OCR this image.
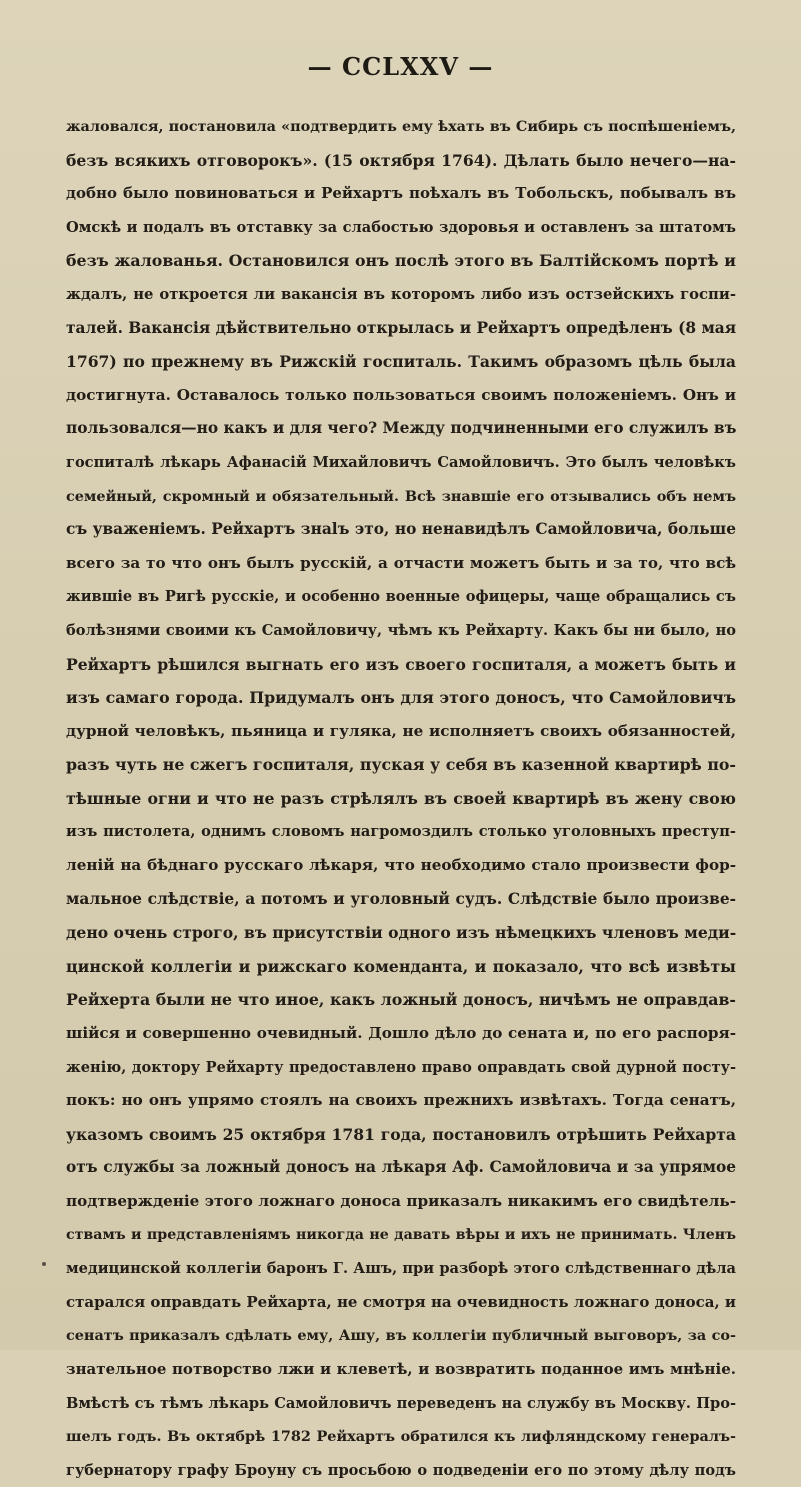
— CCLXXV —
жаловался, постановила «подтвердить ему ѣхать въ Сибирь съ поспѣшеніемъ,
безъ всякихъ отговорокъ». (15 октября 1764). Дѣлать было нечего—на-
добно было повиноваться и Рейхартъ поѣхалъ въ Тобольскъ, побывалъ въ
Омскѣ и подалъ въ отставку за слабостью здоровья и оставленъ за штатомъ
безъ жалованья. Остановился онъ послѣ этого въ Балтійскомъ портѣ и
ждалъ, не откроется ли вакансія въ которомъ либо изъ остзейскихъ госпи-
талей. Вакансія дѣйствительно открылась и Рейхартъ опредѣленъ (8 мая
1767) по прежнему въ Рижскій госпиталь. Такимъ образомъ цѣль была
достигнута. Оставалось только пользоваться своимъ положеніемъ. Онъ и
пользовался—но какъ и для чего? Между подчиненными его служилъ въ
госпиталѣ лѣкарь Афанасій Михайловичъ Самойловичъ. Это былъ человѣкъ
семейный, скромный и обязательный. Всѣ знавшіе его отзывались объ немъ
съ уваженіемъ. Рейхартъ знalъ это, но ненавидѣлъ Самойловича, больше
всего за то что онъ былъ русскій, а отчасти можетъ быть и за то, что всѣ
жившіе въ Ригѣ русскіе, и особенно военные офицеры, чаще обращались съ
болѣзнями своими къ Самойловичу, чѣмъ къ Рейхарту. Какъ бы ни было, но
Рейхартъ рѣшился выгнать его изъ своего госпиталя, а можетъ быть и
изъ самаго города. Придумалъ онъ для этого доносъ, что Самойловичъ
дурной человѣкъ, пьяница и гуляка, не исполняетъ своихъ обязанностей,
разъ чуть не сжегъ госпиталя, пуская у себя въ казенной квартирѣ по-
тѣшные огни и что не разъ стрѣлялъ въ своей квартирѣ въ жену свою
изъ пистолета, однимъ словомъ нагромоздилъ столько уголовныхъ преступ-
леній на бѣднаго русскаго лѣкаря, что необходимо стало произвести фор-
мальное слѣдствіе, а потомъ и уголовный судъ. Слѣдствіе было произве-
дено очень строго, въ присутствіи одного изъ нѣмецкихъ членовъ меди-
цинской коллегіи и рижскаго коменданта, и показало, что всѣ извѣты
Рейхерта были не что иное, какъ ложный доносъ, ничѣмъ не оправдав-
шійся и совершенно очевидный. Дошло дѣло до сената и, по его распоря-
женію, доктору Рейхарту предоставлено право оправдать свой дурной посту-
покъ: но онъ упрямо стоялъ на своихъ прежнихъ извѣтахъ. Тогда сенатъ,
указомъ своимъ 25 октября 1781 года, постановилъ отрѣшить Рейхарта
отъ службы за ложный доносъ на лѣкаря Аф. Самойловича и за упрямое
подтвержденіе этого ложнаго доноса приказалъ никакимъ его свидѣтель-
ствамъ и представленіямъ никогда не давать вѣры и ихъ не принимать. Членъ
медицинской коллегіи баронъ Г. Ашъ, при разборѣ этого слѣдственнаго дѣла
старался оправдать Рейхарта, не смотря на очевидность ложнаго доноса, и
сенатъ приказалъ сдѣлать ему, Ашу, въ коллегіи публичный выговоръ, за со-
знательное потворство лжи и клеветѣ, и возвратить поданное имъ мнѣніе.
Вмѣстѣ съ тѣмъ лѣкарь Самойловичъ переведенъ на службу въ Москву. Про-
шелъ годъ. Въ октябрѣ 1782 Рейхартъ обратился къ лифляндскому генералъ-
губернатору графу Броуну съ просьбою о подведеніи его по этому дѣлу подъ
